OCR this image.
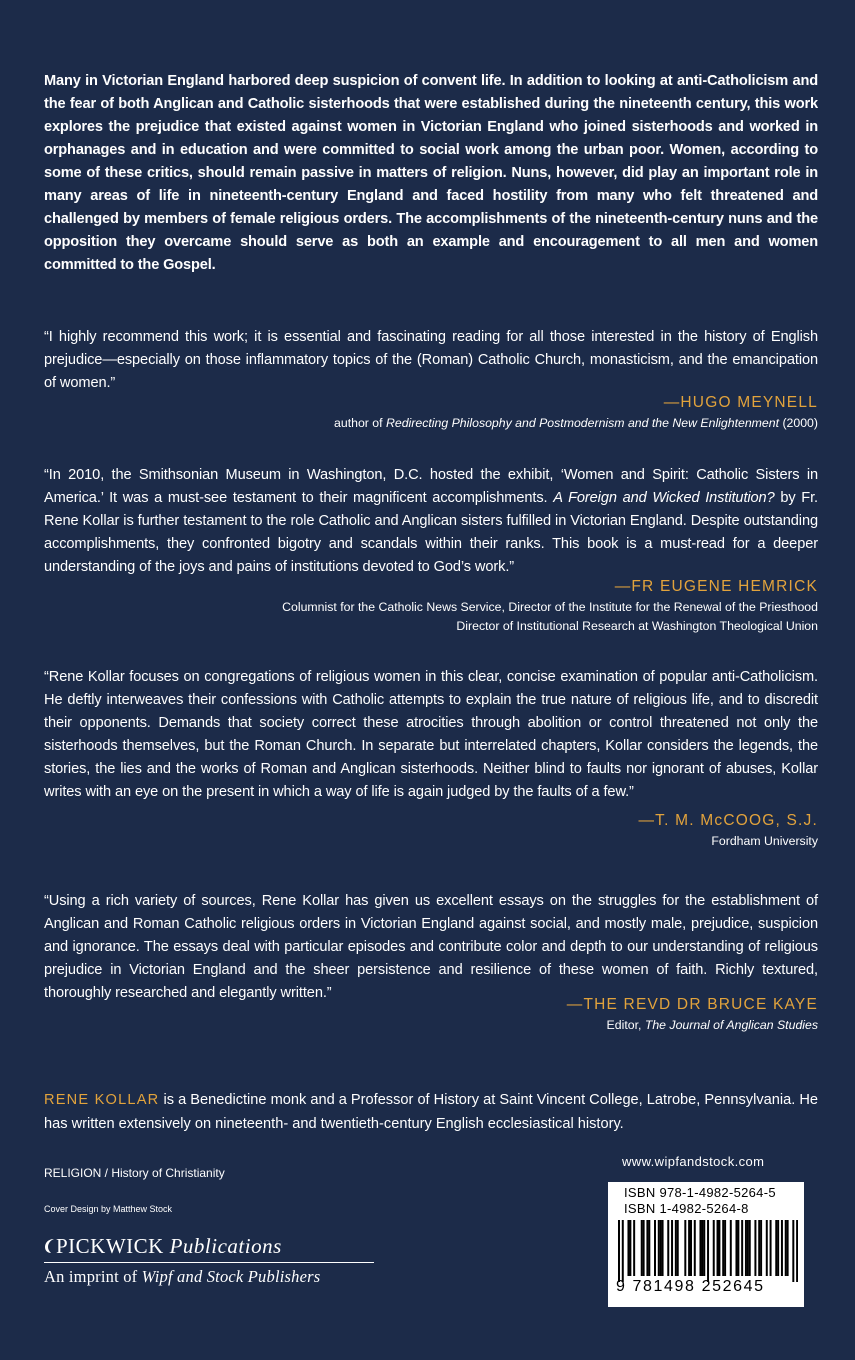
Many in Victorian England harbored deep suspicion of convent life. In addition to looking at anti-Catholicism and the fear of both Anglican and Catholic sisterhoods that were established during the nineteenth century, this work explores the prejudice that existed against women in Victorian England who joined sisterhoods and worked in orphanages and in education and were committed to social work among the urban poor. Women, according to some of these critics, should remain passive in matters of religion. Nuns, however, did play an important role in many areas of life in nineteenth-century England and faced hostility from many who felt threatened and challenged by members of female religious orders. The accomplishments of the nineteenth-century nuns and the opposition they overcame should serve as both an example and encouragement to all men and women committed to the Gospel.

“I highly recommend this work; it is essential and fascinating reading for all those interested in the history of English prejudice—especially on those inflammatory topics of the (Roman) Catholic Church, monasticism, and the emancipation of women.”

—HUGO MEYNELL
author of Redirecting Philosophy and Postmodernism and the New Enlightenment (2000)

“In 2010, the Smithsonian Museum in Washington, D.C. hosted the exhibit, ‘Women and Spirit: Catholic Sisters in America.’ It was a must-see testament to their magnificent accomplishments. A Foreign and Wicked Institution? by Fr. Rene Kollar is further testament to the role Catholic and Anglican sisters fulfilled in Victorian England. Despite outstanding accomplishments, they confronted bigotry and scandals within their ranks. This book is a must-read for a deeper understanding of the joys and pains of institutions devoted to God’s work.”

—FR EUGENE HEMRICK
Columnist for the Catholic News Service, Director of the Institute for the Renewal of the Priesthood
Director of Institutional Research at Washington Theological Union

“Rene Kollar focuses on congregations of religious women in this clear, concise examination of popular anti-Catholicism. He deftly interweaves their confessions with Catholic attempts to explain the true nature of religious life, and to discredit their opponents. Demands that society correct these atrocities through abolition or control threatened not only the sisterhoods themselves, but the Roman Church. In separate but interrelated chapters, Kollar considers the legends, the stories, the lies and the works of Roman and Anglican sisterhoods. Neither blind to faults nor ignorant of abuses, Kollar writes with an eye on the present in which a way of life is again judged by the faults of a few.”

—T. M. McCOOG, S.J.
Fordham University

“Using a rich variety of sources, Rene Kollar has given us excellent essays on the struggles for the establishment of Anglican and Roman Catholic religious orders in Victorian England against social, and mostly male, prejudice, suspicion and ignorance. The essays deal with particular episodes and contribute color and depth to our understanding of religious prejudice in Victorian England and the sheer persistence and resilience of these women of faith. Richly textured, thoroughly researched and elegantly written.”

—THE REVD DR BRUCE KAYE
Editor, The Journal of Anglican Studies

RENE KOLLAR is a Benedictine monk and a Professor of History at Saint Vincent College, Latrobe, Pennsylvania. He has written extensively on nineteenth- and twentieth-century English ecclesiastical history.

RELIGION / History of Christianity
Cover Design by Matthew Stock
PICKWICK Publications
An imprint of Wipf and Stock Publishers
www.wipfandstock.com
ISBN 978-1-4982-5264-5
ISBN 1-4982-5264-8
9 781498 252645
